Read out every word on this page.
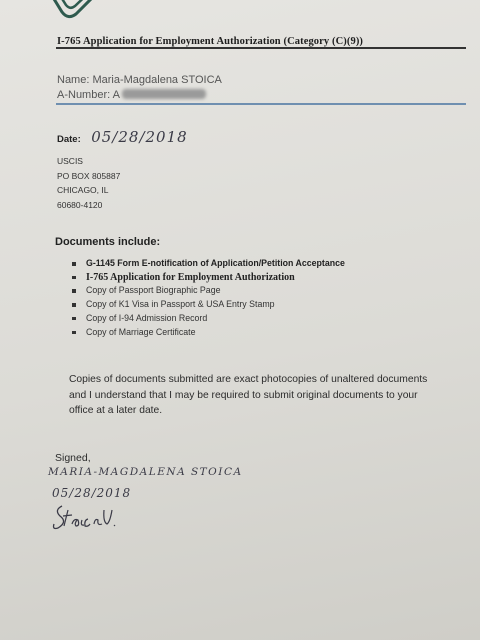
I-765 Application for Employment Authorization (Category (C)(9))
Name: Maria-Magdalena STOICA
A-Number: A
Date: 05/28/2018
USCIS
PO BOX 805887
CHICAGO, IL
60680-4120
Documents include:
G-1145 Form E-notification of Application/Petition Acceptance
I-765 Application for Employment Authorization
Copy of Passport Biographic Page
Copy of K1 Visa in Passport & USA Entry Stamp
Copy of I-94 Admission Record
Copy of Marriage Certificate
Copies of documents submitted are exact photocopies of unaltered documents and I understand that I may be required to submit original documents to your office at a later date.
Signed,
MARIA-MAGDALENA STOICA
05/28/2018
